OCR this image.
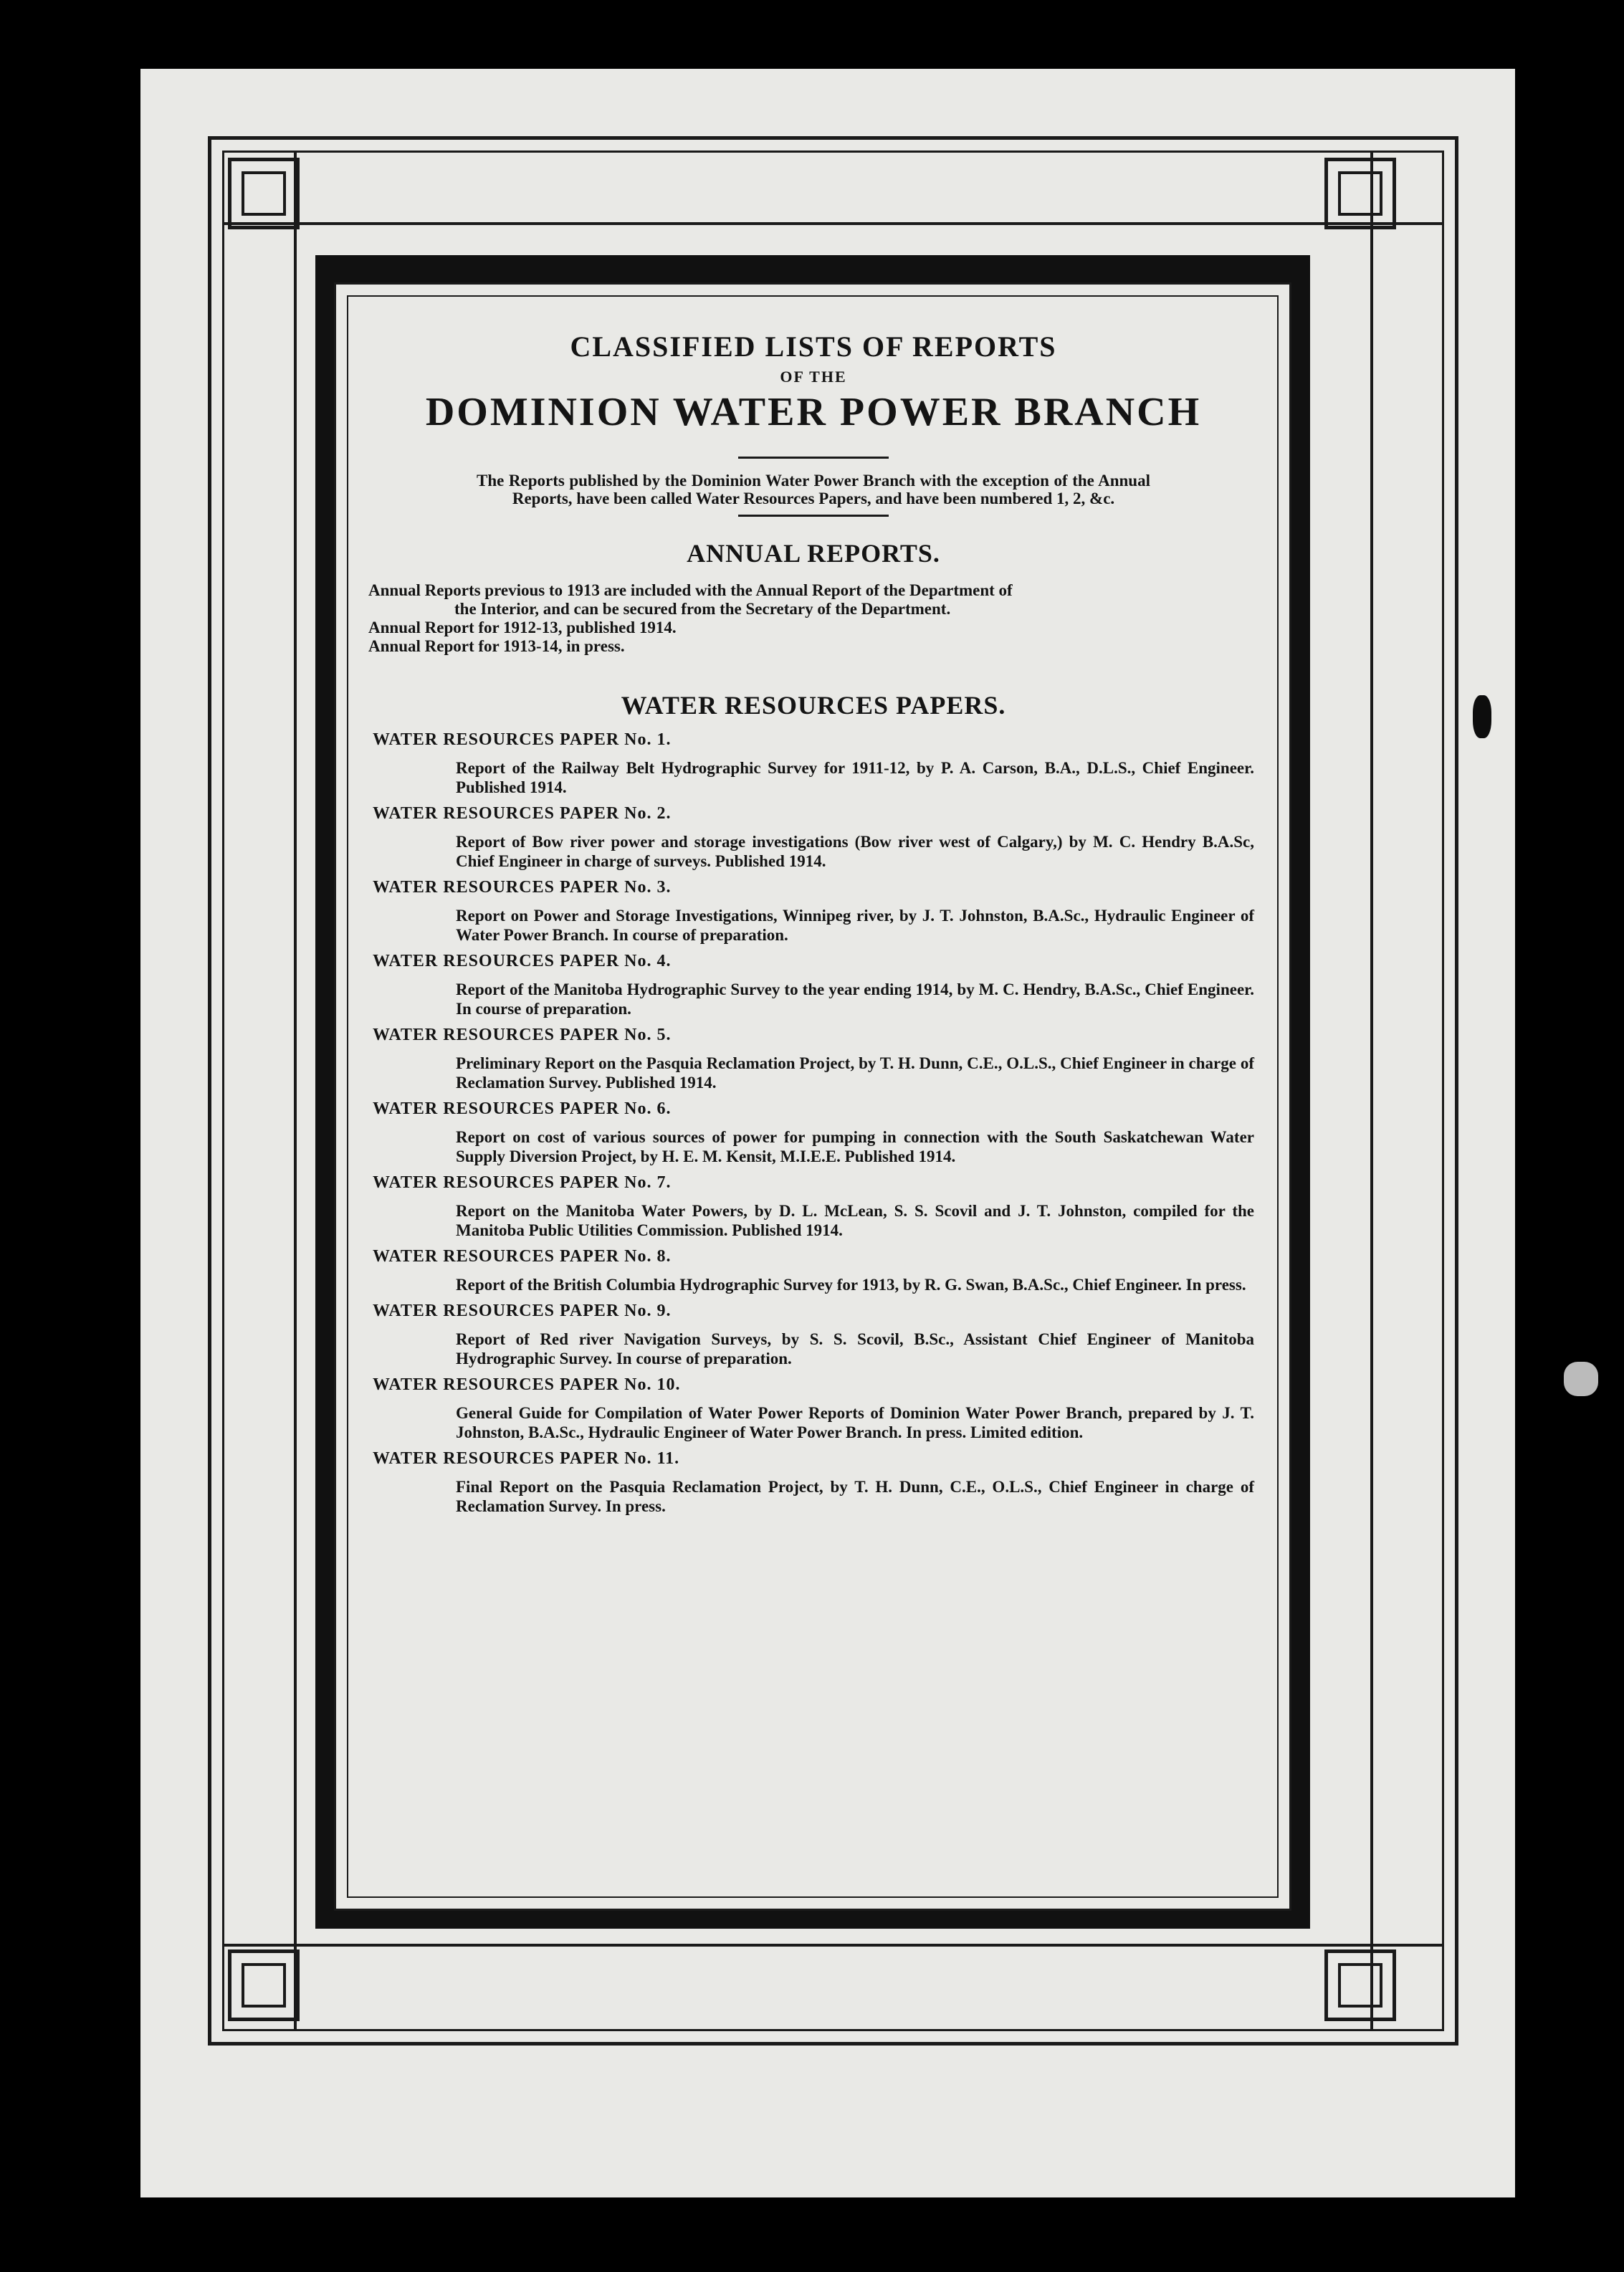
CLASSIFIED LISTS OF REPORTS
OF THE
DOMINION WATER POWER BRANCH
The Reports published by the Dominion Water Power Branch with the exception of the Annual Reports, have been called Water Resources Papers, and have been numbered 1, 2, &c.
ANNUAL REPORTS.
Annual Reports previous to 1913 are included with the Annual Report of the Department of
the Interior, and can be secured from the Secretary of the Department.
Annual Report for 1912-13, published 1914.
Annual Report for 1913-14, in press.
WATER RESOURCES PAPERS.
WATER RESOURCES PAPER No. 1.
Report of the Railway Belt Hydrographic Survey for 1911-12, by P. A. Carson, B.A., D.L.S., Chief Engineer. Published 1914.
WATER RESOURCES PAPER No. 2.
Report of Bow river power and storage investigations (Bow river west of Calgary,) by M. C. Hendry B.A.Sc, Chief Engineer in charge of surveys. Published 1914.
WATER RESOURCES PAPER No. 3.
Report on Power and Storage Investigations, Winnipeg river, by J. T. Johnston, B.A.Sc., Hydraulic Engineer of Water Power Branch. In course of preparation.
WATER RESOURCES PAPER No. 4.
Report of the Manitoba Hydrographic Survey to the year ending 1914, by M. C. Hendry, B.A.Sc., Chief Engineer. In course of preparation.
WATER RESOURCES PAPER No. 5.
Preliminary Report on the Pasquia Reclamation Project, by T. H. Dunn, C.E., O.L.S., Chief Engineer in charge of Reclamation Survey. Published 1914.
WATER RESOURCES PAPER No. 6.
Report on cost of various sources of power for pumping in connection with the South Saskatchewan Water Supply Diversion Project, by H. E. M. Kensit, M.I.E.E. Published 1914.
WATER RESOURCES PAPER No. 7.
Report on the Manitoba Water Powers, by D. L. McLean, S. S. Scovil and J. T. Johnston, compiled for the Manitoba Public Utilities Commission. Published 1914.
WATER RESOURCES PAPER No. 8.
Report of the British Columbia Hydrographic Survey for 1913, by R. G. Swan, B.A.Sc., Chief Engineer. In press.
WATER RESOURCES PAPER No. 9.
Report of Red river Navigation Surveys, by S. S. Scovil, B.Sc., Assistant Chief Engineer of Manitoba Hydrographic Survey. In course of preparation.
WATER RESOURCES PAPER No. 10.
General Guide for Compilation of Water Power Reports of Dominion Water Power Branch, prepared by J. T. Johnston, B.A.Sc., Hydraulic Engineer of Water Power Branch. In press. Limited edition.
WATER RESOURCES PAPER No. 11.
Final Report on the Pasquia Reclamation Project, by T. H. Dunn, C.E., O.L.S., Chief Engineer in charge of Reclamation Survey. In press.
